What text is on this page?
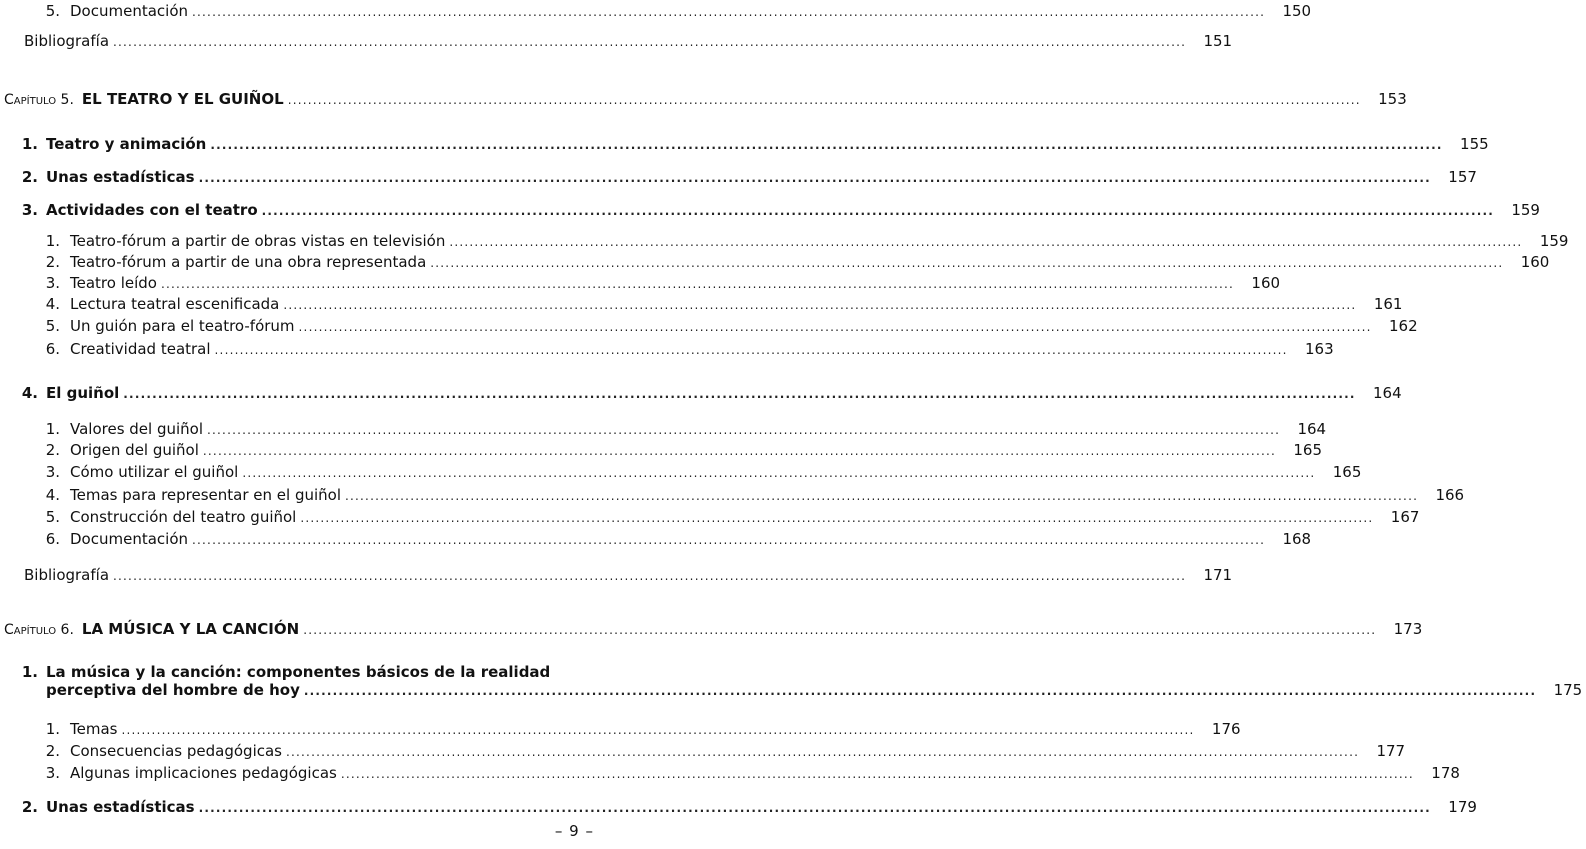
5. Documentación .....	150
Bibliografía .....	151
Capítulo 5. EL TEATRO Y EL GUIÑOL .....	153
1. Teatro y animación .....	155
2. Unas estadísticas .....	157
3. Actividades con el teatro .....	159
1. Teatro-fórum a partir de obras vistas en televisión .....	159
2. Teatro-fórum a partir de una obra representada .....	160
3. Teatro leído .....	160
4. Lectura teatral escenificada .....	161
5. Un guión para el teatro-fórum .....	162
6. Creatividad teatral .....	163
4. El guiñol .....	164
1. Valores del guiñol .....	164
2. Origen del guiñol .....	165
3. Cómo utilizar el guiñol .....	165
4. Temas para representar en el guiñol .....	166
5. Construcción del teatro guiñol .....	167
6. Documentación .....	168
Bibliografía .....	171
Capítulo 6. LA MÚSICA Y LA CANCIÓN .....	173
1. La música y la canción: componentes básicos de la realidad
perceptiva del hombre de hoy .....	175
1. Temas .....	176
2. Consecuencias pedagógicas .....	177
3. Algunas implicaciones pedagógicas .....	178
2. Unas estadísticas .....	179
– 9 –
